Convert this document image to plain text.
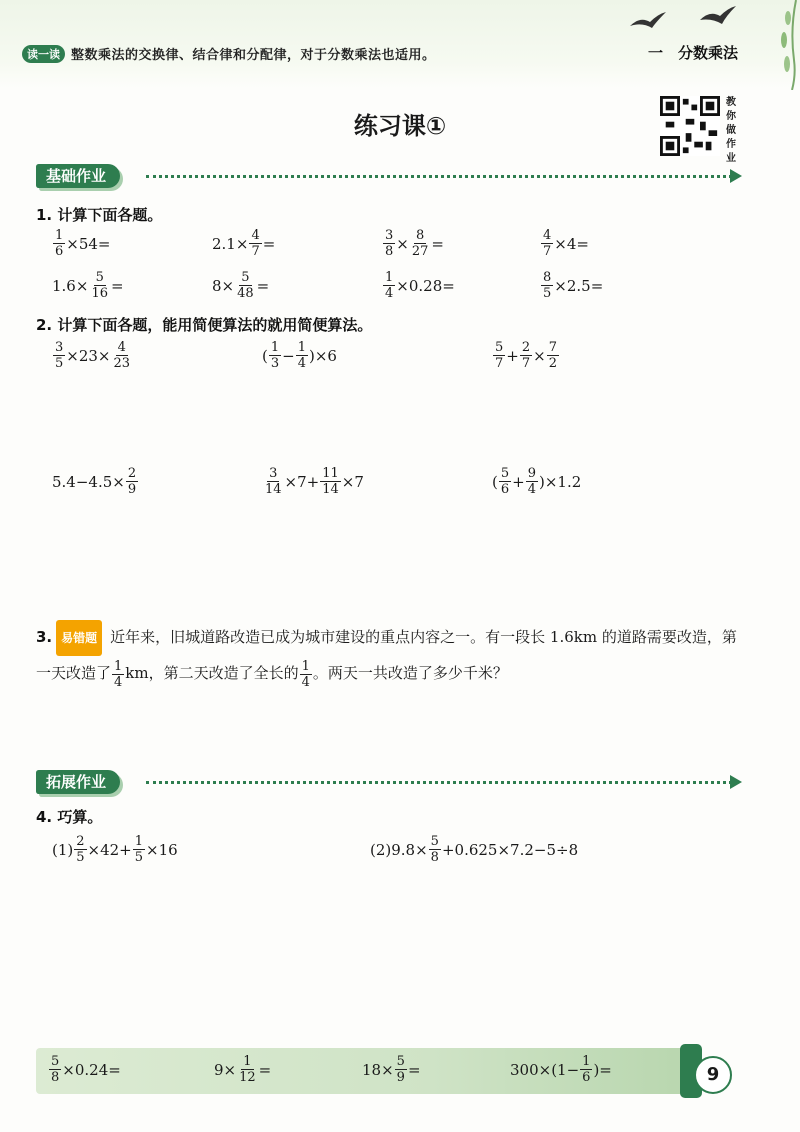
读一读 整数乘法的交换律、结合律和分配律，对于分数乘法也适用。	一　分数乘法
练习课①
教
你
做
作
业
基础作业
1. 计算下面各题。
$\frac{1}{6} \times 54=$	$2.1\times \frac{4}{7}$ =	$\frac{3}{8} \times \frac{8}{27}$ =	$\frac{4}{7} \times 4=$
$1.6\times \frac{5}{16}$ =	$8\times \frac{5}{48}$ =	$\frac{1}{4} \times 0.28=$	$\frac{8}{5} \times 2.5=$
2. 计算下面各题，能用简便算法的就用简便算法。
$\frac{3}{5} \times 23\times \frac{4}{23}$	( $\frac{1}{3} - \frac{1}{4} )\times 6$	$\frac{5}{7} + \frac{2}{7} \times \frac{7}{2}$
$5.4-4.5\times \frac{2}{9}$	$\frac{3}{14} \times 7+ \frac{11}{14} \times 7$	( $\frac{5}{6} + \frac{9}{4} )\times 1.2$
3. 易错题 近年来，旧城道路改造已成为城市建设的重点内容之一。有一段长 1.6km 的道路需要改造，第一天改造了 $\frac{1}{4}$ km，第二天改造了全长的 $\frac{1}{4}$ 。两天一共改造了多少千米？
拓展作业
4. 巧算。
$(1) \frac{2}{5} \times 42+ \frac{1}{5} \times 16$	$(2)9.8\times \frac{5}{8} +0.625\times 7.2-5\div 8$
$\frac{5}{8} \times 0.24=$	$9\times \frac{1}{12}$ =	$18\times \frac{5}{9}$ =	$300\times(1- \frac{1}{6}$ )=	9
